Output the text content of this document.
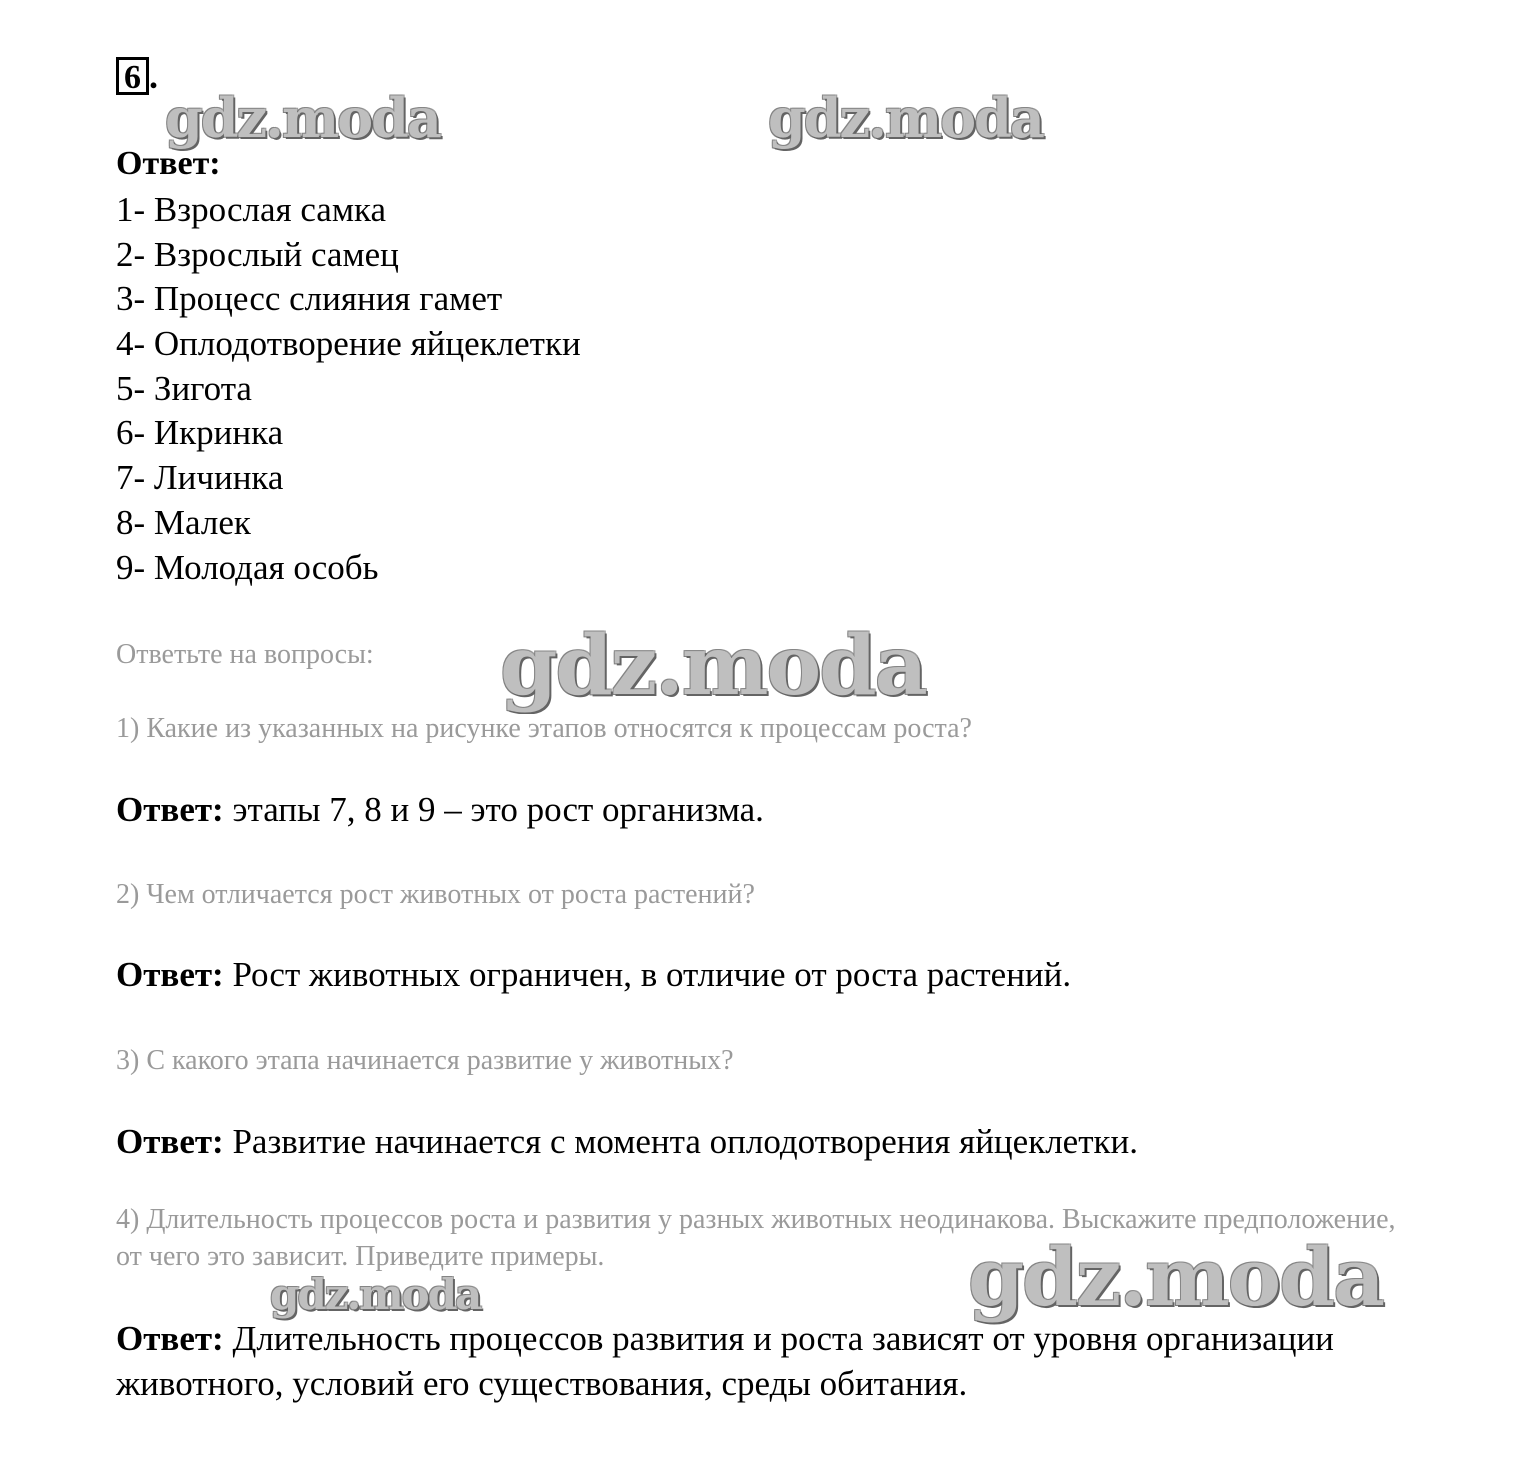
6 .
Ответ:
1- Взрослая самка
2- Взрослый самец
3- Процесс слияния гамет
4- Оплодотворение яйцеклетки
5- Зигота
6- Икринка
7- Личинка
8- Малек
9- Молодая особь
Ответьте на вопросы:
1) Какие из указанных на рисунке этапов относятся к процессам роста?
Ответ: этапы 7, 8 и 9 – это рост организма.
2) Чем отличается рост животных от роста растений?
Ответ: Рост животных ограничен, в отличие от роста растений.
3) С какого этапа начинается развитие у животных?
Ответ: Развитие начинается с момента оплодотворения яйцеклетки.
4) Длительность процессов роста и развития у разных животных неодинакова. Выскажите предположение, от чего это зависит. Приведите примеры.
Ответ: Длительность процессов развития и роста зависят от уровня организации животного, условий его существования, среды обитания.
gdz.moda	gdz.moda
gdz.moda
gdz.moda	gdz.moda
